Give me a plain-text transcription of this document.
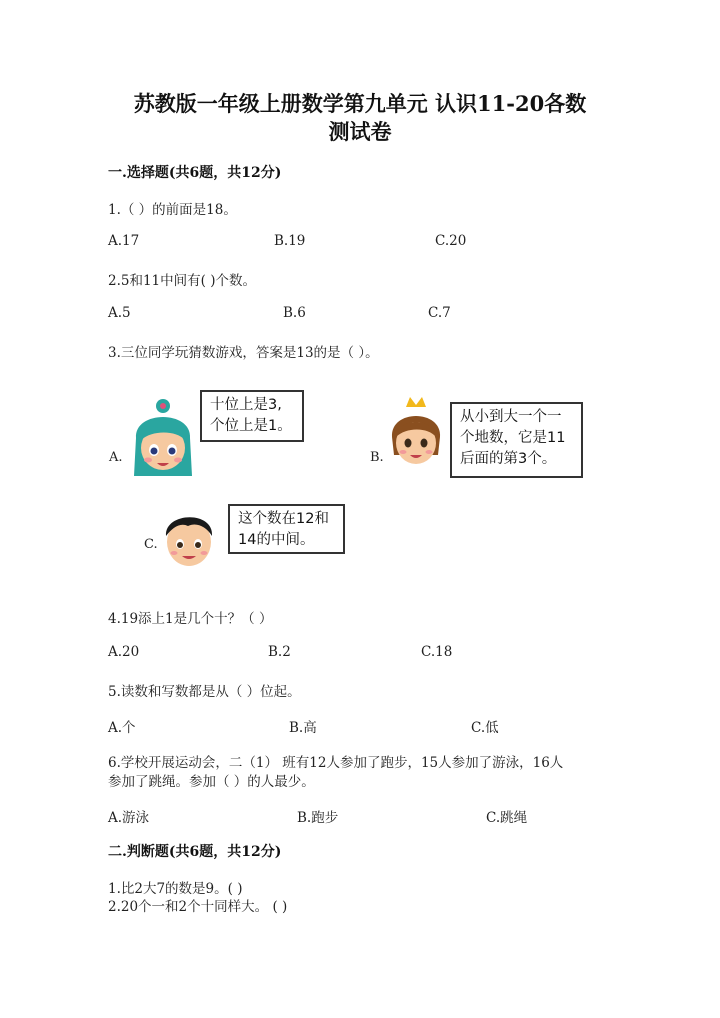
苏教版一年级上册数学第九单元 认识11-20各数
测试卷
一.选择题(共6题，共12分)
1.（ ）的前面是18。
A.17	B.19	C.20
2.5和11中间有( )个数。
A.5	B.6	C.7
3.三位同学玩猜数游戏，答案是13的是（ ）。
A.
十位上是3,
个位上是1。
B.
从小到大一个一
个地数，它是11
后面的第3个。
C.
这个数在12和
14的中间。
4.19添上1是几个十？（ ）
A.20	B.2	C.18
5.读数和写数都是从（ ）位起。
A.个	B.高	C.低
6.学校开展运动会，二（1） 班有12人参加了跑步，15人参加了游泳，16人
参加了跳绳。参加（ ）的人最少。
A.游泳	B.跑步	C.跳绳
二.判断题(共6题，共12分)
1.比2大7的数是9。( )
2.20个一和2个十同样大。 ( )
